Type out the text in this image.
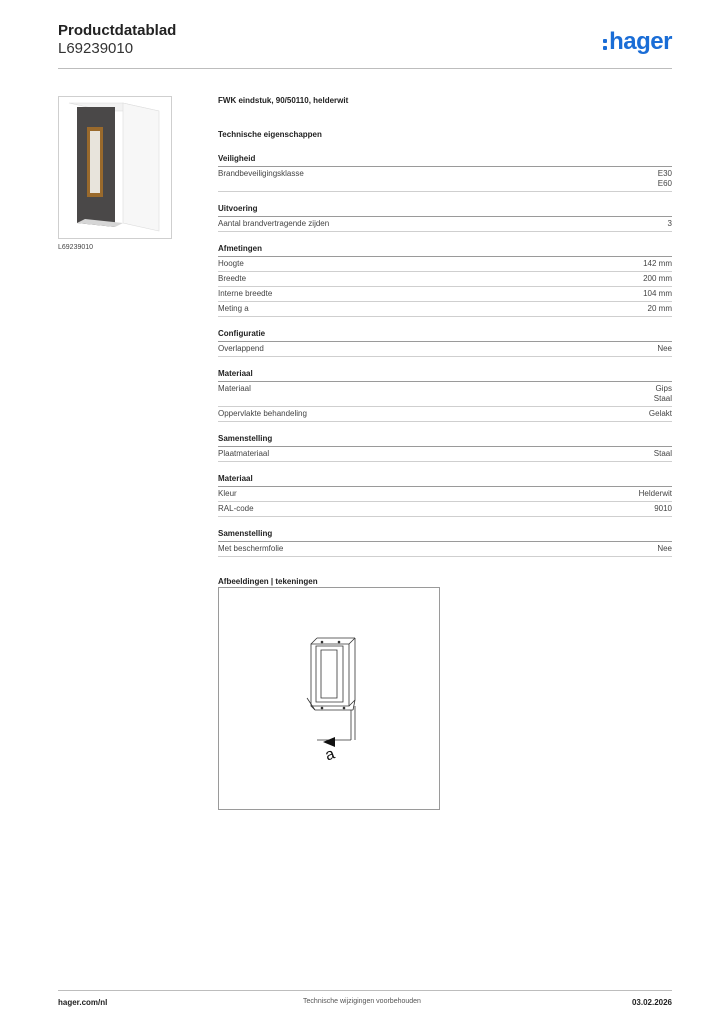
Productdatablad
L69239010	hager
L69239010
FWK eindstuk, 90/50110, helderwit
Technische eigenschappen
Veiligheid
Brandbeveiligingsklasse	E30
E60
Uitvoering
Aantal brandvertragende zijden	3
Afmetingen
Hoogte	142 mm
Breedte	200 mm
Interne breedte	104 mm
Meting a	20 mm
Configuratie
Overlappend	Nee
Materiaal
Materiaal	Gips
Staal
Oppervlakte behandeling	Gelakt
Samenstelling
Plaatmateriaal	Staal
Materiaal
Kleur	Helderwit
RAL-code	9010
Samenstelling
Met beschermfolie	Nee
Afbeeldingen | tekeningen
a
hager.com/nl	Technische wijzigingen voorbehouden	03.02.2026
